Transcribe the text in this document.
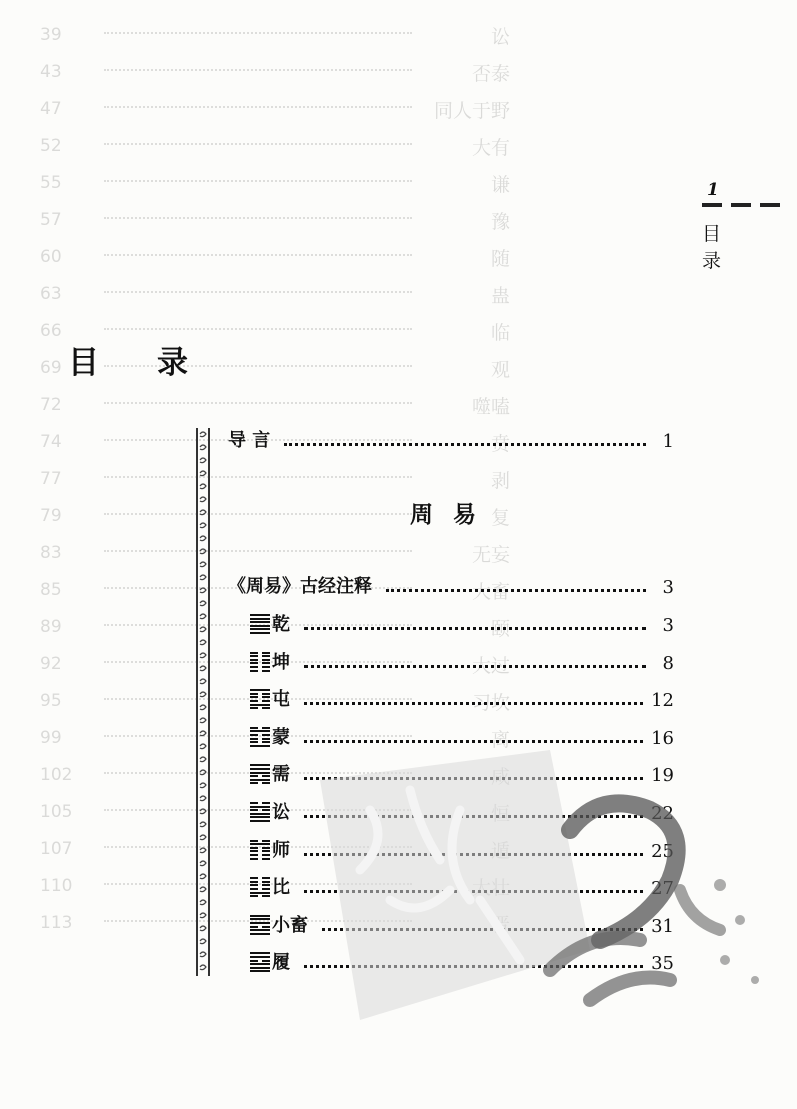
39	讼
43	否泰
47	同人于野
52	大有
55	谦
57	豫
60	随
63	蛊
66	临
69	观
72	噬嗑
74	贲
77	剥
79	复
83	无妄
85	大畜
89	颐
92	大过
95	习坎
99	离
102
105
107
110
113
1
目
录
目 录
导 言	1
周 易
《周易》古经注释	3
乾	3
坤	8
屯	12
蒙	16
需	19
讼	22
师	25
比	27
小畜	31
履	35
